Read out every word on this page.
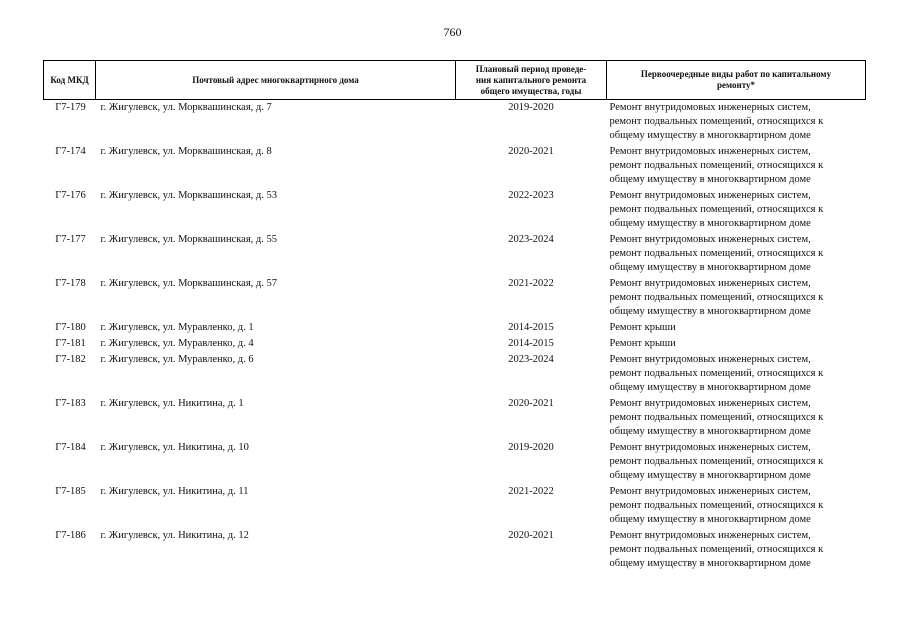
760
Код МКД	Почтовый адрес многоквартирного дома	Плановый период проведе-
ния капитального ремонта
общего имущества, годы	Первоочередные виды работ по капитальному
ремонту*
Г7-179	г. Жигулевск, ул. Морквашинская, д. 7	2019-2020	Ремонт внутридомовых инженерных систем,
ремонт подвальных помещений, относящихся к
общему имуществу в многоквартирном доме

Г7-174	г. Жигулевск, ул. Морквашинская, д. 8	2020-2021	Ремонт внутридомовых инженерных систем,
ремонт подвальных помещений, относящихся к
общему имуществу в многоквартирном доме

Г7-176	г. Жигулевск, ул. Морквашинская, д. 53	2022-2023	Ремонт внутридомовых инженерных систем,
ремонт подвальных помещений, относящихся к
общему имуществу в многоквартирном доме

Г7-177	г. Жигулевск, ул. Морквашинская, д. 55	2023-2024	Ремонт внутридомовых инженерных систем,
ремонт подвальных помещений, относящихся к
общему имуществу в многоквартирном доме

Г7-178	г. Жигулевск, ул. Морквашинская, д. 57	2021-2022	Ремонт внутридомовых инженерных систем,
ремонт подвальных помещений, относящихся к
общему имуществу в многоквартирном доме

Г7-180	г. Жигулевск, ул. Муравленко, д. 1	2014-2015	Ремонт крыши

Г7-181	г. Жигулевск, ул. Муравленко, д. 4	2014-2015	Ремонт крыши

Г7-182	г. Жигулевск, ул. Муравленко, д. 6	2023-2024	Ремонт внутридомовых инженерных систем,
ремонт подвальных помещений, относящихся к
общему имуществу в многоквартирном доме

Г7-183	г. Жигулевск, ул. Никитина, д. 1	2020-2021	Ремонт внутридомовых инженерных систем,
ремонт подвальных помещений, относящихся к
общему имуществу в многоквартирном доме

Г7-184	г. Жигулевск, ул. Никитина, д. 10	2019-2020	Ремонт внутридомовых инженерных систем,
ремонт подвальных помещений, относящихся к
общему имуществу в многоквартирном доме

Г7-185	г. Жигулевск, ул. Никитина, д. 11	2021-2022	Ремонт внутридомовых инженерных систем,
ремонт подвальных помещений, относящихся к
общему имуществу в многоквартирном доме

Г7-186	г. Жигулевск, ул. Никитина, д. 12	2020-2021	Ремонт внутридомовых инженерных систем,
ремонт подвальных помещений, относящихся к
общему имуществу в многоквартирном доме
